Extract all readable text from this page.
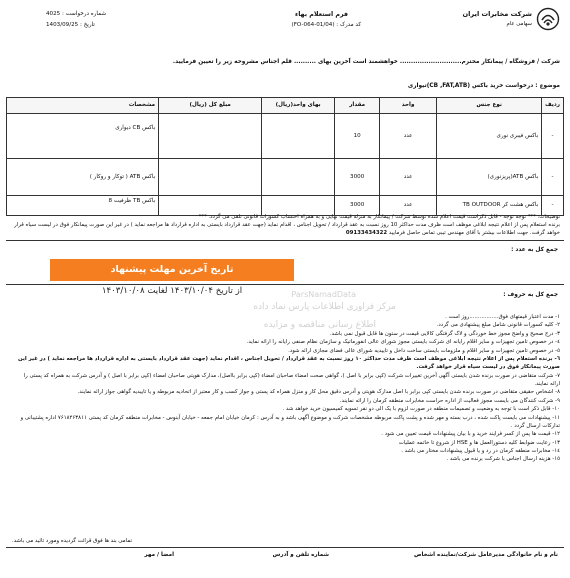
شرکت مخابرات ایران
سهامی عام
فرم استعلام بهاء
کد مدرک : (FO-064-01/04)
شماره درخواست : 4025
تاریخ : 1403/09/25
شرکت / فروشگاه / پیمانکار محترم............................ خواهشمند است آخرین بهای .......... قلم اجناس مشروحه زیر را تعیین فرمایید.
موضوع : درخواست خرید باکس (CB ,FAT,ATB)تیواری
ردیف	نوع جنس	واحد	مقدار	بهای واحد(ریال)	مبلغ کل (ریال)	مشخصات
-	باکس فیبری نوری	عدد	10			باکس CB دیواری
-	باکس ATB(پریزنوری)	عدد	3000			باکس ATB ( توکار و روکار )
-	باکس هشت کر TB OUTDOOR	عدد	3000			باکس TB ظرفیت 8
توضیحات: *** توجه توجه - قابل ذکراست قیمت اعلام شده توسط شرکت / پیمانکار به منزله قیمت نهایی و به همراه احتساب کسورات قانونی تلقی می گردد. ***
برنده استعلام پس از اعلام نتیجه ابلاغی موظف است ظرف مدت حداکثر 10 روز نسبت به عقد قرارداد / تحویل اجناس ، اقدام نماید (جهت عقد قرارداد بایستی به اداره قرارداد ها مراجعه نماید ) در غیر این صورت پیمانکار فوق در لیست سیاه قرار خواهد گرفت. جهت اطلاعات بیشتر با آقای مهندس تیبی تماس حاصل فرمایید 09133434322
جمع کل به عدد :
جمع کل به حروف :
تاریخ آخرین مهلت پیشنهاد
از تاریخ ۱۴۰۳/۱۰/۰۴ لغایت ۱۴۰۳/۱۰/۰۸
مرکز فراوری اطلاعات پارس نماد داده
اطلاع رسانی مناقصه و مزایده
ParsNamadData

١- مدت اعتبار قیمتهای فوق.................روز است .

٢- کلیه کسورات قانونی شامل مبلغ پیشنهادی می گردد.

٣- درج صحیح و واضح مجوز خط خوردگی و لاک گرفتگی کالایی قیمت در ستون ها قابل قبول نمی باشد.

٤- در خصوص تامین تجهیزات و سایر اقلام رایانه ای شرکت بایستی مجوز شورای عالی انفورماتیک و سازمان نظام صنفی رایانه را ارائه نماید.

٥- در خصوص تامین تجهیزات و سایر اقلام و ملزومات بایستی ساخت داخل و تاییدیه شورای عالی فضای مجازی ارائه شود.

٦- برنده استعلام پس از اعلام نتیجه ابلاغی موظف است ظرف مدت حداکثر ١٠ روز نسبت به عقد قرارداد / تحویل اجناس ، اقدام نماید (جهت عقد قرارداد بایستی به اداره قرارداد ها مراجعه نماید ) در غیر این صورت پیمانکار فوق در لیست سیاه قرار خواهد گرفت.

٧- شرکت متقاضی در صورت برنده شدن بایستی آگهی آخرین تغییرات شرکت (کپی برابر با اصل )، گواهی صحت امضاء صاحبان امضاء (کپی برابر بااصل)، مدارک هویتی صاحبان امضاء (کپی برابر با اصل ) و آدرس شرکت به همراه کد پستی را ارائه نمایند.

٨- اشخاص حقیقی متقاضی در صورت برنده شدن بایستی کپی برابر با اصل مدارک هویتی و آدرس دقیق محل کار و منزل همراه کد پستی و جواز کسب و کار معتبر از اتحادیه مربوطه و یا تاییدیه گواهی جواز ارائه نمایند.

٩- شرکت کنندگان می بایست مجوز فعالیت از اداره حراست مخابرات منطقه کرمان را ارائه نمایند.

١٠- قابل ذکر است با توجه به وضعیت و تصمیمات منطقه در صورت لزوم با یک الی دو نفر تسویه کمیسیون خرید خواهد شد .

١١- پیشنهادات می بایست پاکت شده ، درب بسته و مهر شده و پشت پاکت مربوطه مشخصات شرکت و موضوع آگهی باشد و به آدرس : کرمان خیابان امام جمعه - خیابان آبنوس - مخابرات منطقه کرمان کد پستی ۷۶۱۸۴۶۳۸۱۱ اداره پشتیبانی و تدارکات ارسال گردد .

١٢- قیمت ها پس از کسر فرایند خرید و با بیان پیشنهادات قیمت تعیین می شود .

١٣- رعایت ضوابط کلیه دستورالعمل ها و HSE از شروع تا خاتمه عملیات

١٤- مخابرات منطقه کرمان در رد و یا قبول پیشنهادات مختار می باشد .

١٥- هزینه ارسال اجناس با شرکت برنده می باشد .

تمامی بند ها فوق قرائت گردیده ومورد تائید می باشد.
نام و نام خانوادگی مدیرعامل شرکت/نماینده اشخاص
شماره تلفن و آدرس
امضا / مهر
